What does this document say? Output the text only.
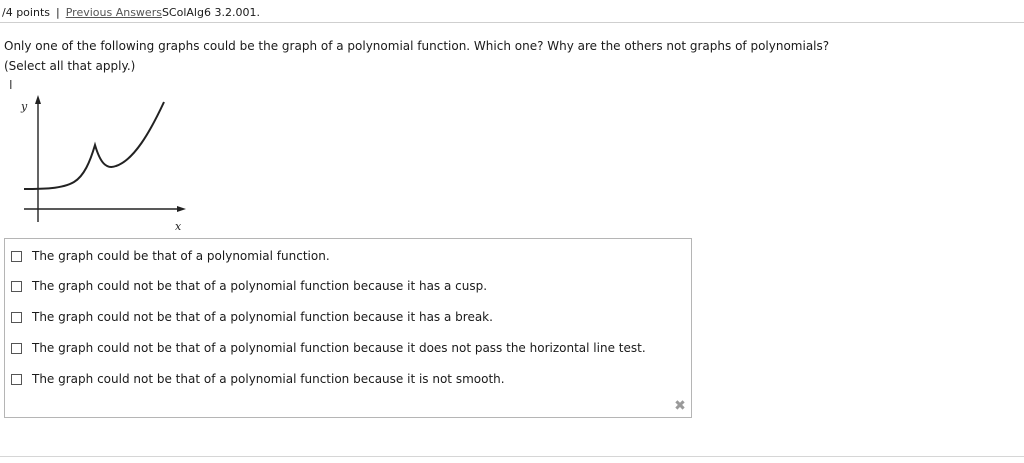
/4 points | Previous AnswersSColAlg6 3.2.001.
Only one of the following graphs could be the graph of a polynomial function. Which one? Why are the others not graphs of polynomials?
(Select all that apply.)
I
y
x
The graph could be that of a polynomial function.
The graph could not be that of a polynomial function because it has a cusp.
The graph could not be that of a polynomial function because it has a break.
The graph could not be that of a polynomial function because it does not pass the horizontal line test.
The graph could not be that of a polynomial function because it is not smooth.
✖
